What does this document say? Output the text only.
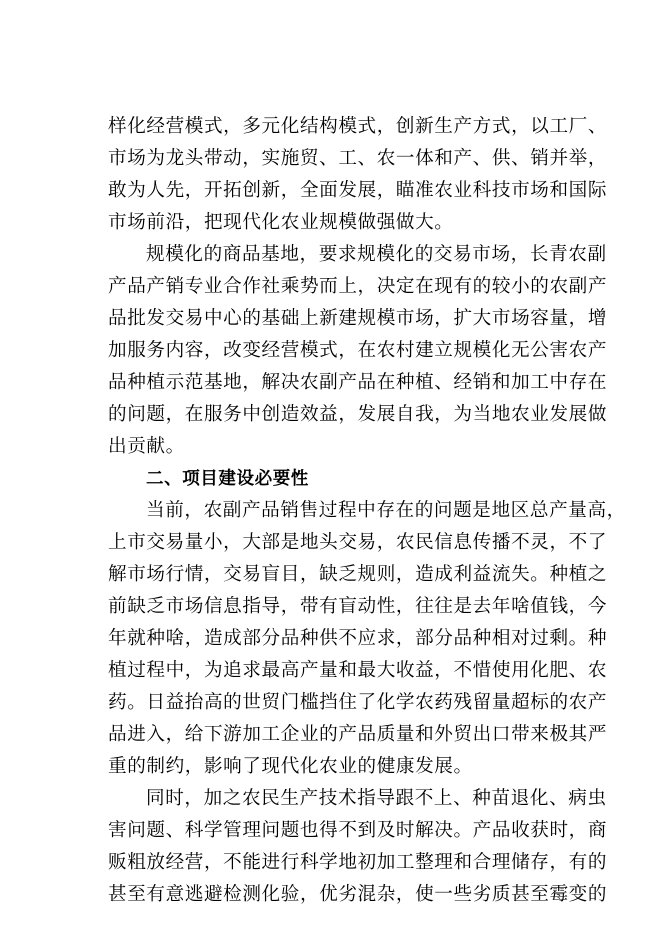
样化经营模式，多元化结构模式，创新生产方式，以工厂、
市场为龙头带动，实施贸、工、农一体和产、供、销并举，
敢为人先，开拓创新，全面发展，瞄准农业科技市场和国际
市场前沿，把现代化农业规模做强做大。
规模化的商品基地，要求规模化的交易市场，长青农副
产品产销专业合作社乘势而上，决定在现有的较小的农副产
品批发交易中心的基础上新建规模市场，扩大市场容量，增
加服务内容，改变经营模式，在农村建立规模化无公害农产
品种植示范基地，解决农副产品在种植、经销和加工中存在
的问题，在服务中创造效益，发展自我，为当地农业发展做
出贡献。
二、项目建设必要性
当前，农副产品销售过程中存在的问题是地区总产量高，
上市交易量小，大部是地头交易，农民信息传播不灵，不了
解市场行情，交易盲目，缺乏规则，造成利益流失。种植之
前缺乏市场信息指导，带有盲动性，往往是去年啥值钱，今
年就种啥，造成部分品种供不应求，部分品种相对过剩。种
植过程中，为追求最高产量和最大收益，不惜使用化肥、农
药。日益抬高的世贸门槛挡住了化学农药残留量超标的农产
品进入，给下游加工企业的产品质量和外贸出口带来极其严
重的制约，影响了现代化农业的健康发展。
同时，加之农民生产技术指导跟不上、种苗退化、病虫
害问题、科学管理问题也得不到及时解决。产品收获时，商
贩粗放经营，不能进行科学地初加工整理和合理储存，有的
甚至有意逃避检测化验，优劣混杂，使一些劣质甚至霉变的
